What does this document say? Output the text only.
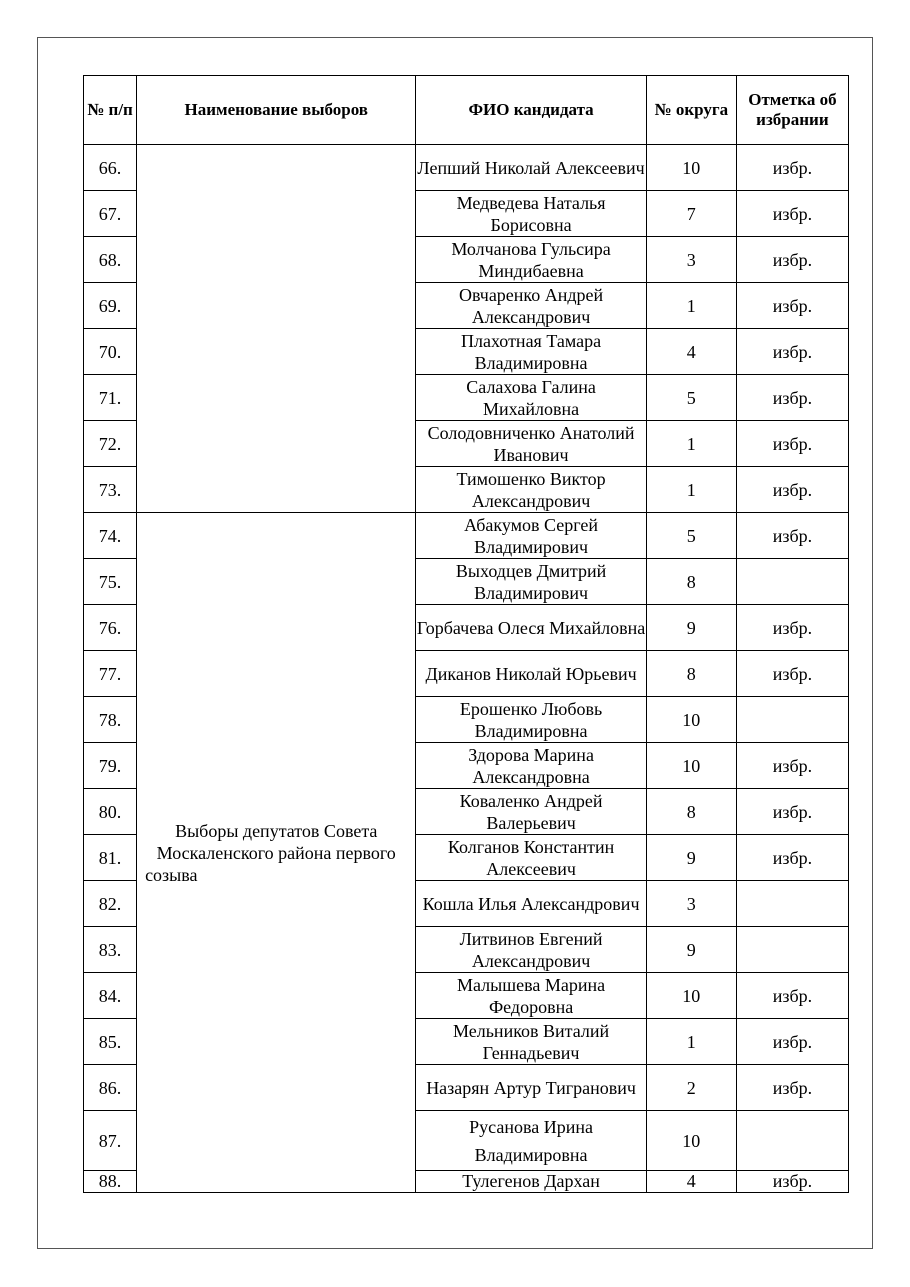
№ п/п	Наименование выборов	ФИО кандидата	№ округа	Отметка об избрании
66.		Лепший Николай Алексеевич	10	избр.
67.		Медведева Наталья Борисовна	7	избр.
68.		Молчанова Гульсира Миндибаевна	3	избр.
69.		Овчаренко Андрей Александрович	1	избр.
70.		Плахотная Тамара Владимировна	4	избр.
71.		Салахова Галина Михайловна	5	избр.
72.		Солодовниченко Анатолий Иванович	1	избр.
73.		Тимошенко Виктор Александрович	1	избр.
74.	Выборы депутатов Совета Москаленского района первого созыва	Абакумов Сергей Владимирович	5	избр.
75.		Выходцев Дмитрий Владимирович	8	
76.		Горбачева Олеся Михайловна	9	избр.
77.		Диканов Николай Юрьевич	8	избр.
78.		Ерошенко Любовь Владимировна	10	
79.		Здорова Марина Александровна	10	избр.
80.		Коваленко Андрей Валерьевич	8	избр.
81.		Колганов Константин Алексеевич	9	избр.
82.		Кошла Илья Александрович	3	
83.		Литвинов Евгений Александрович	9	
84.		Малышева Марина Федоровна	10	избр.
85.		Мельников Виталий Геннадьевич	1	избр.
86.		Назарян Артур Тигранович	2	избр.
87.		Русанова Ирина Владимировна	10	
88.		Тулегенов Дархан	4	избр.
